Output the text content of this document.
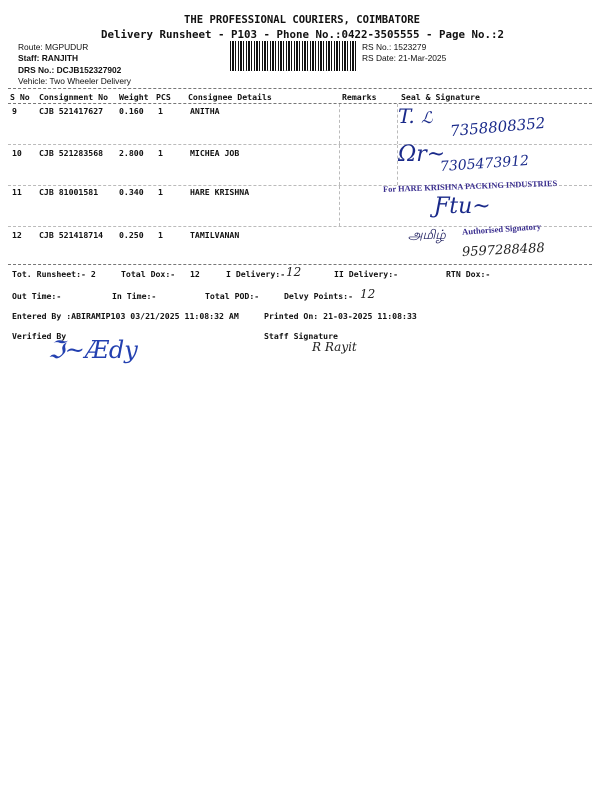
THE PROFESSIONAL COURIERS, COIMBATORE
Delivery Runsheet - P103 - Phone No.:0422-3505555 - Page No.:2
Route: MGPUDUR
Staff: RANJITH
DRS No.: DCJB152327902
Vehicle: Two Wheeler Delivery
RS No.: 1523279
RS Date: 21-Mar-2025
S No Consignment No Weight PCS Consignee Details	Remarks	Seal & Signature
9	CJB 521417627 0.160 1	ANITHA	T. ℒ 7358808352
10 CJB 521283568 2.800 1	MICHEA JOB	Ωr~
7305473912
11 CJB 81001581	0.340 1	HARE KRISHNA	For HARE KRISHNA PACKING INDUSTRIES
Ƒtu~
12 CJB 521418714 0.250 1	TAMILVANAN	அமிழ் Authorised Signatory
9597288488
Tot. Runsheet:- 2	Total Dox:- 12	I Delivery:- 12	II Delivery:-	RTN Dox:-
Out Time:-	In Time:-	Total POD:-	Delvy Points:- 12
Entered By :ABIRAMIP103 03/21/2025 11:08:32 AM	Printed On: 21-03-2025 11:08:33
Verified By	Staff Signature
ℑ~Ædy	R Rayit
